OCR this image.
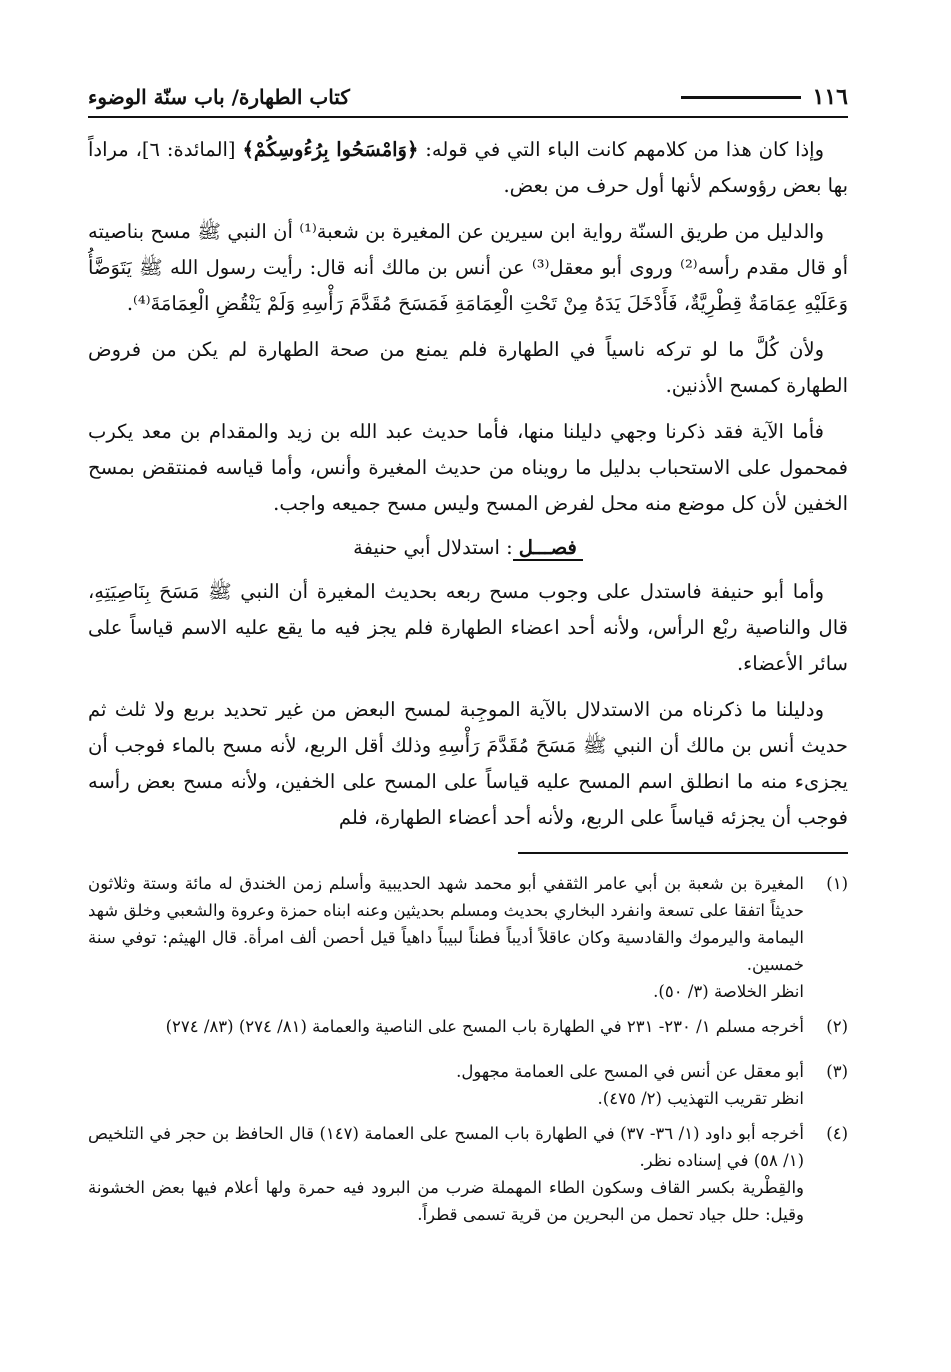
١١٦
كتاب الطهارة/ باب سنّة الوضوء

وإذا كان هذا من كلامهم كانت الباء التي في قوله: ﴿وَامْسَحُوا بِرُءُوسِكُمْ﴾ [المائدة: ٦]، مراداً بها بعض رؤوسكم لأنها أول حرف من بعض.

والدليل من طريق السنّة رواية ابن سيرين عن المغيرة بن شعبة⁽¹⁾ أن النبي ﷺ مسح بناصيته أو قال مقدم رأسه⁽²⁾ وروى أبو معقل⁽³⁾ عن أنس بن مالك أنه قال: رأيت رسول الله ﷺ يَتَوَضَّأُ وَعَلَيْهِ عِمَامَةٌ قِطْرِيَّةٌ، فَأَدْخَلَ يَدَهُ مِنْ تَحْتِ الْعِمَامَةِ فَمَسَحَ مُقَدَّمَ رَأْسِهِ وَلَمْ يَنْقُضِ الْعِمَامَةَ⁽⁴⁾.

ولأن كُلَّ ما لو تركه ناسياً في الطهارة فلم يمنع من صحة الطهارة لم يكن من فروض الطهارة كمسح الأذنين.

فأما الآية فقد ذكرنا وجهي دليلنا منها، فأما حديث عبد الله بن زيد والمقدام بن معد يكرب فمحمول على الاستحباب بدليل ما رويناه من حديث المغيرة وأنس، وأما قياسه فمنتقض بمسح الخفين لأن كل موضع منه محل لفرض المسح وليس مسح جميعه واجب.

فصـــل: استدلال أبي حنيفة

وأما أبو حنيفة فاستدل على وجوب مسح ربعه بحديث المغيرة أن النبي ﷺ مَسَحَ بِنَاصِيَتِهِ، قال والناصية ربْع الرأس، ولأنه أحد اعضاء الطهارة فلم يجز فيه ما يقع عليه الاسم قياساً على سائر الأعضاء.

ودليلنا ما ذكرناه من الاستدلال بالآية الموجِبة لمسح البعض من غير تحديد بربع ولا ثلث ثم حديث أنس بن مالك أن النبي ﷺ مَسَحَ مُقَدَّمَ رَأْسِهِ وذلك أقل الربع، لأنه مسح بالماء فوجب أن يجزىء منه ما انطلق اسم المسح عليه قياساً على المسح على الخفين، ولأنه مسح بعض رأسه فوجب أن يجزئه قياساً على الربع، ولأنه أحد أعضاء الطهارة، فلم

(١)
المغيرة بن شعبة بن أبي عامر الثقفي أبو محمد شهد الحديبية وأسلم زمن الخندق له مائة وستة وثلاثون حديثاً اتفقا على تسعة وانفرد البخاري بحديث ومسلم بحديثين وعنه ابناه حمزة وعروة والشعبي وخلق شهد اليمامة واليرموك والقادسية وكان عاقلاً أديباً فطناً لبيباً داهياً قيل أحصن ألف امرأة. قال الهيثم: توفي سنة خمسين.
انظر الخلاصة (٣/ ٥٠).
(٢)
أخرجه مسلم ١/ ٢٣٠- ٢٣١ في الطهارة باب المسح على الناصية والعمامة (٨١/ ٢٧٤) (٨٣/ ٢٧٤)
(٣)
أبو معقل عن أنس في المسح على العمامة مجهول.
انظر تقريب التهذيب (٢/ ٤٧٥).
(٤)
أخرجه أبو داود (١/ ٣٦- ٣٧) في الطهارة باب المسح على العمامة (١٤٧) قال الحافظ بن حجر في التلخيص (١/ ٥٨) في إسناده نظر.
والقِطْرية بكسر القاف وسكون الطاء المهملة ضرب من البرود فيه حمرة ولها أعلام فيها بعض الخشونة وقيل: حلل جياد تحمل من البحرين من قرية تسمى قطراً.
